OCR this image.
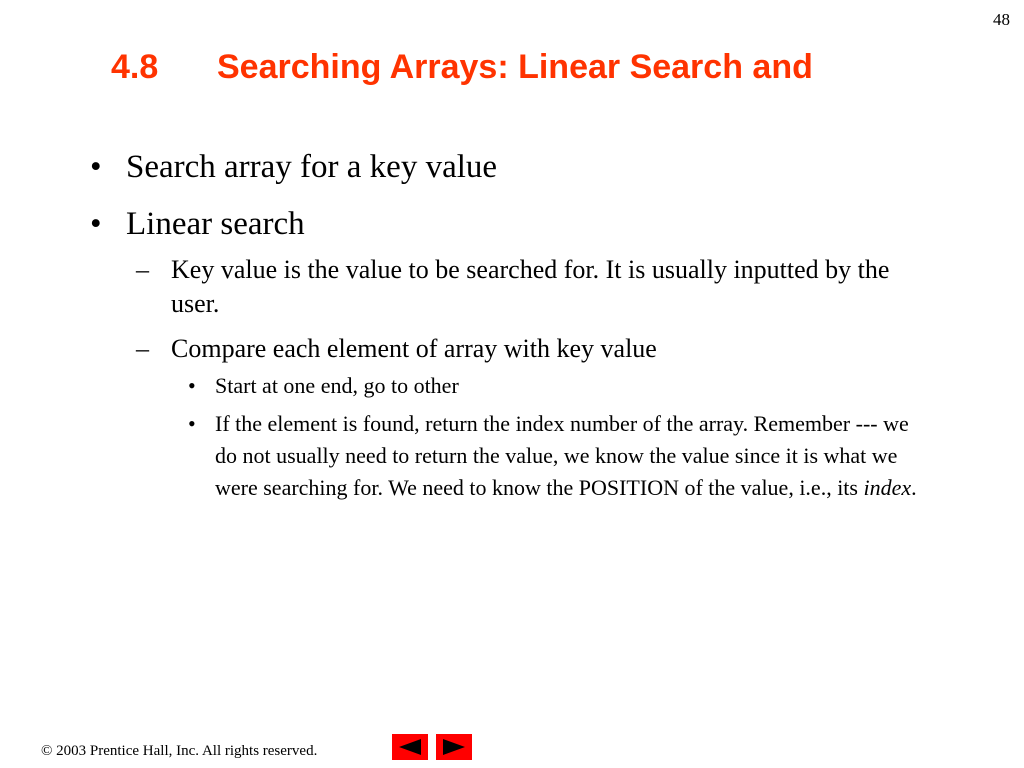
48
4.8 Searching Arrays: Linear Search and
• Search array for a key value
• Linear search
– Key value is the value to be searched for. It is usually inputted by the user.
– Compare each element of array with key value
• Start at one end, go to other
• If the element is found, return the index number of the array. Remember --- we do not usually need to return the value, we know the value since it is what we were searching for. We need to know the POSITION of the value, i.e., its index.
© 2003 Prentice Hall, Inc. All rights reserved.
